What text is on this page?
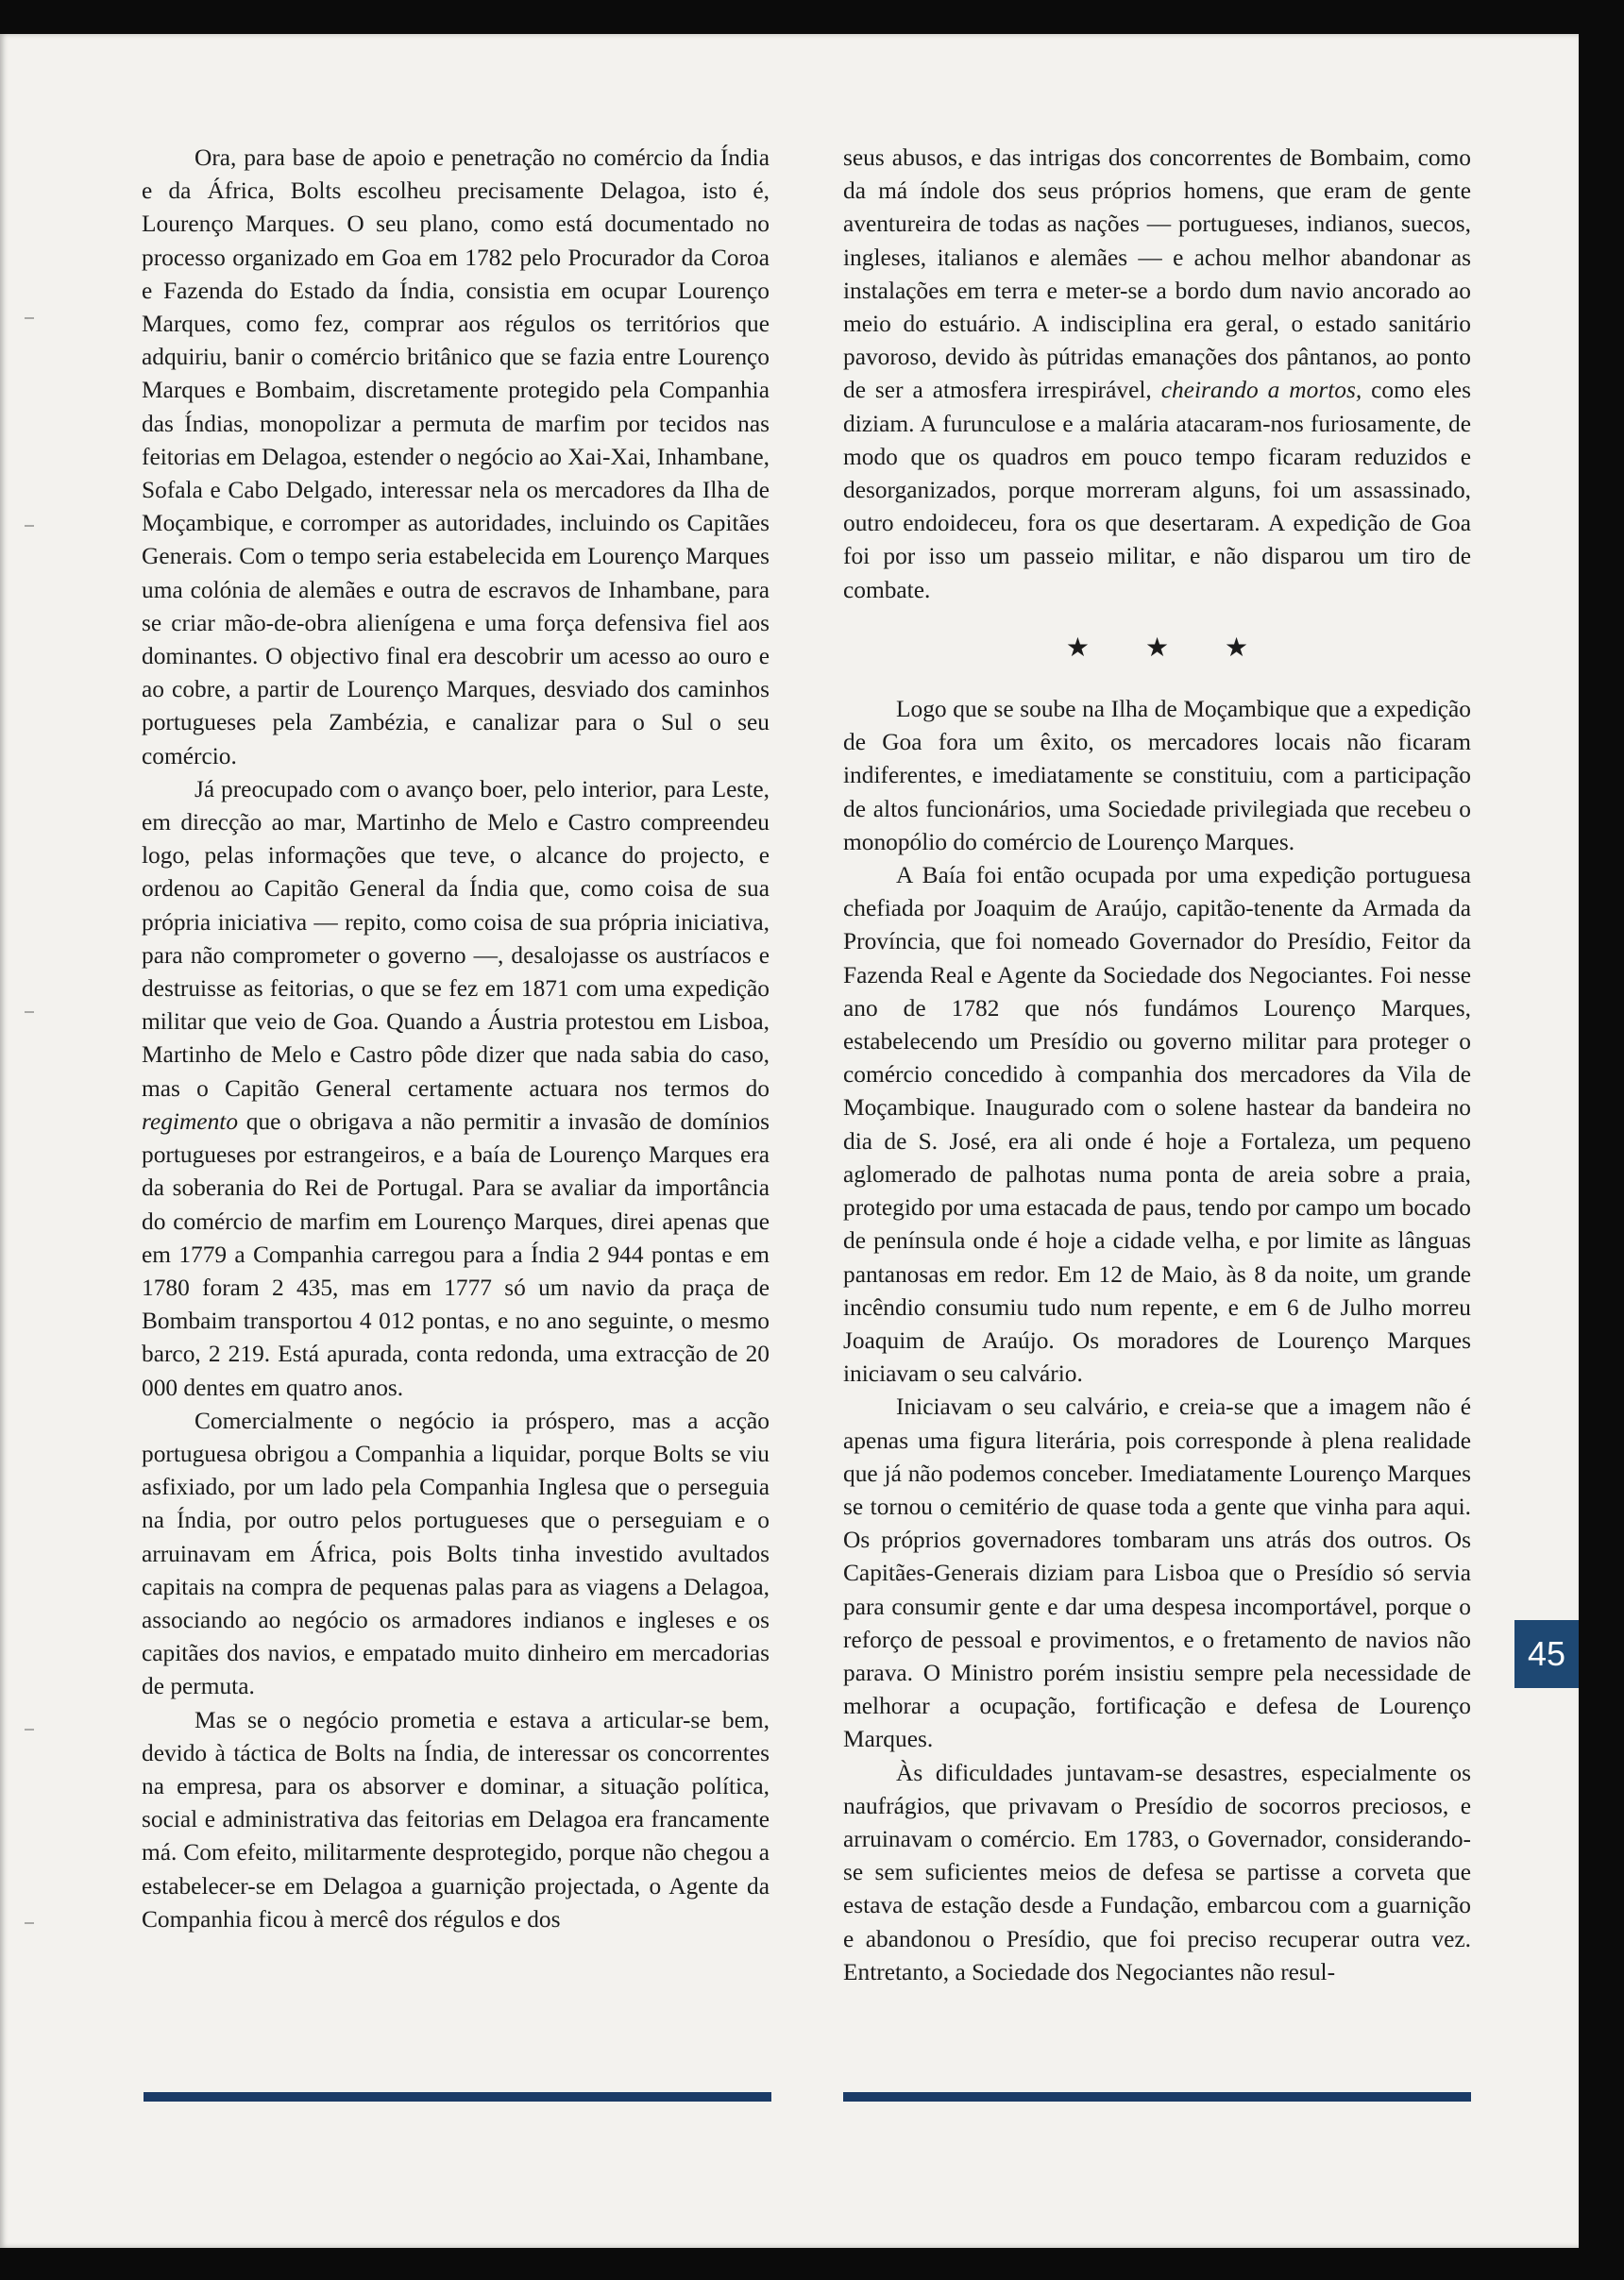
Ora, para base de apoio e penetração no comércio da Índia e da África, Bolts escolheu precisamente Delagoa, isto é, Lourenço Marques. O seu plano, como está documentado no processo organizado em Goa em 1782 pelo Procurador da Coroa e Fazenda do Estado da Índia, consistia em ocupar Lourenço Marques, como fez, comprar aos régulos os territórios que adquiriu, banir o comércio britânico que se fazia entre Lourenço Marques e Bombaim, discretamente protegido pela Companhia das Índias, monopolizar a permuta de marfim por tecidos nas feitorias em Delagoa, estender o negócio ao Xai-Xai, Inhambane, Sofala e Cabo Delgado, interessar nela os mercadores da Ilha de Moçambique, e corromper as autoridades, incluindo os Capitães Generais. Com o tempo seria estabelecida em Lourenço Marques uma colónia de alemães e outra de escravos de Inhambane, para se criar mão-de-obra alienígena e uma força defensiva fiel aos dominantes. O objectivo final era descobrir um acesso ao ouro e ao cobre, a partir de Lourenço Marques, desviado dos caminhos portugueses pela Zambézia, e canalizar para o Sul o seu comércio.

Já preocupado com o avanço boer, pelo interior, para Leste, em direcção ao mar, Martinho de Melo e Castro compreendeu logo, pelas informações que teve, o alcance do projecto, e ordenou ao Capitão General da Índia que, como coisa de sua própria iniciativa — repito, como coisa de sua própria iniciativa, para não comprometer o governo —, desalojasse os austríacos e destruisse as feitorias, o que se fez em 1871 com uma expedição militar que veio de Goa. Quando a Áustria protestou em Lisboa, Martinho de Melo e Castro pôde dizer que nada sabia do caso, mas o Capitão General certamente actuara nos termos do regimento que o obrigava a não permitir a invasão de domínios portugueses por estrangeiros, e a baía de Lourenço Marques era da soberania do Rei de Portugal. Para se avaliar da importância do comércio de marfim em Lourenço Marques, direi apenas que em 1779 a Companhia carregou para a Índia 2 944 pontas e em 1780 foram 2 435, mas em 1777 só um navio da praça de Bombaim transportou 4 012 pontas, e no ano seguinte, o mesmo barco, 2 219. Está apurada, conta redonda, uma extracção de 20 000 dentes em quatro anos.

Comercialmente o negócio ia próspero, mas a acção portuguesa obrigou a Companhia a liquidar, porque Bolts se viu asfixiado, por um lado pela Companhia Inglesa que o perseguia na Índia, por outro pelos portugueses que o perseguiam e o arruinavam em África, pois Bolts tinha investido avultados capitais na compra de pequenas palas para as viagens a Delagoa, associando ao negócio os armadores indianos e ingleses e os capitães dos navios, e empatado muito dinheiro em mercadorias de permuta.

Mas se o negócio prometia e estava a articular-se bem, devido à táctica de Bolts na Índia, de interessar os concorrentes na empresa, para os absorver e dominar, a situação política, social e administrativa das feitorias em Delagoa era francamente má. Com efeito, militarmente desprotegido, porque não chegou a estabelecer-se em Delagoa a guarnição projectada, o Agente da Companhia ficou à mercê dos régulos e dos

seus abusos, e das intrigas dos concorrentes de Bombaim, como da má índole dos seus próprios homens, que eram de gente aventureira de todas as nações — portugueses, indianos, suecos, ingleses, italianos e alemães — e achou melhor abandonar as instalações em terra e meter-se a bordo dum navio ancorado ao meio do estuário. A indisciplina era geral, o estado sanitário pavoroso, devido às pútridas emanações dos pântanos, ao ponto de ser a atmosfera irrespirável, cheirando a mortos, como eles diziam. A furunculose e a malária atacaram-nos furiosamente, de modo que os quadros em pouco tempo ficaram reduzidos e desorganizados, porque morreram alguns, foi um assassinado, outro endoideceu, fora os que desertaram. A expedição de Goa foi por isso um passeio militar, e não disparou um tiro de combate.

★ ★ ★

Logo que se soube na Ilha de Moçambique que a expedição de Goa fora um êxito, os mercadores locais não ficaram indiferentes, e imediatamente se constituiu, com a participação de altos funcionários, uma Sociedade privilegiada que recebeu o monopólio do comércio de Lourenço Marques.

A Baía foi então ocupada por uma expedição portuguesa chefiada por Joaquim de Araújo, capitão-tenente da Armada da Província, que foi nomeado Governador do Presídio, Feitor da Fazenda Real e Agente da Sociedade dos Negociantes. Foi nesse ano de 1782 que nós fundámos Lourenço Marques, estabelecendo um Presídio ou governo militar para proteger o comércio concedido à companhia dos mercadores da Vila de Moçambique. Inaugurado com o solene hastear da bandeira no dia de S. José, era ali onde é hoje a Fortaleza, um pequeno aglomerado de palhotas numa ponta de areia sobre a praia, protegido por uma estacada de paus, tendo por campo um bocado de península onde é hoje a cidade velha, e por limite as lânguas pantanosas em redor. Em 12 de Maio, às 8 da noite, um grande incêndio consumiu tudo num repente, e em 6 de Julho morreu Joaquim de Araújo. Os moradores de Lourenço Marques iniciavam o seu calvário.

Iniciavam o seu calvário, e creia-se que a imagem não é apenas uma figura literária, pois corresponde à plena realidade que já não podemos conceber. Imediatamente Lourenço Marques se tornou o cemitério de quase toda a gente que vinha para aqui. Os próprios governadores tombaram uns atrás dos outros. Os Capitães-Generais diziam para Lisboa que o Presídio só servia para consumir gente e dar uma despesa incomportável, porque o reforço de pessoal e provimentos, e o fretamento de navios não parava. O Ministro porém insistiu sempre pela necessidade de melhorar a ocupação, fortificação e defesa de Lourenço Marques.

Às dificuldades juntavam-se desastres, especialmente os naufrágios, que privavam o Presídio de socorros preciosos, e arruinavam o comércio. Em 1783, o Governador, considerando-se sem suficientes meios de defesa se partisse a corveta que estava de estação desde a Fundação, embarcou com a guarnição e abandonou o Presídio, que foi preciso recuperar outra vez. Entretanto, a Sociedade dos Negociantes não resul-

45
